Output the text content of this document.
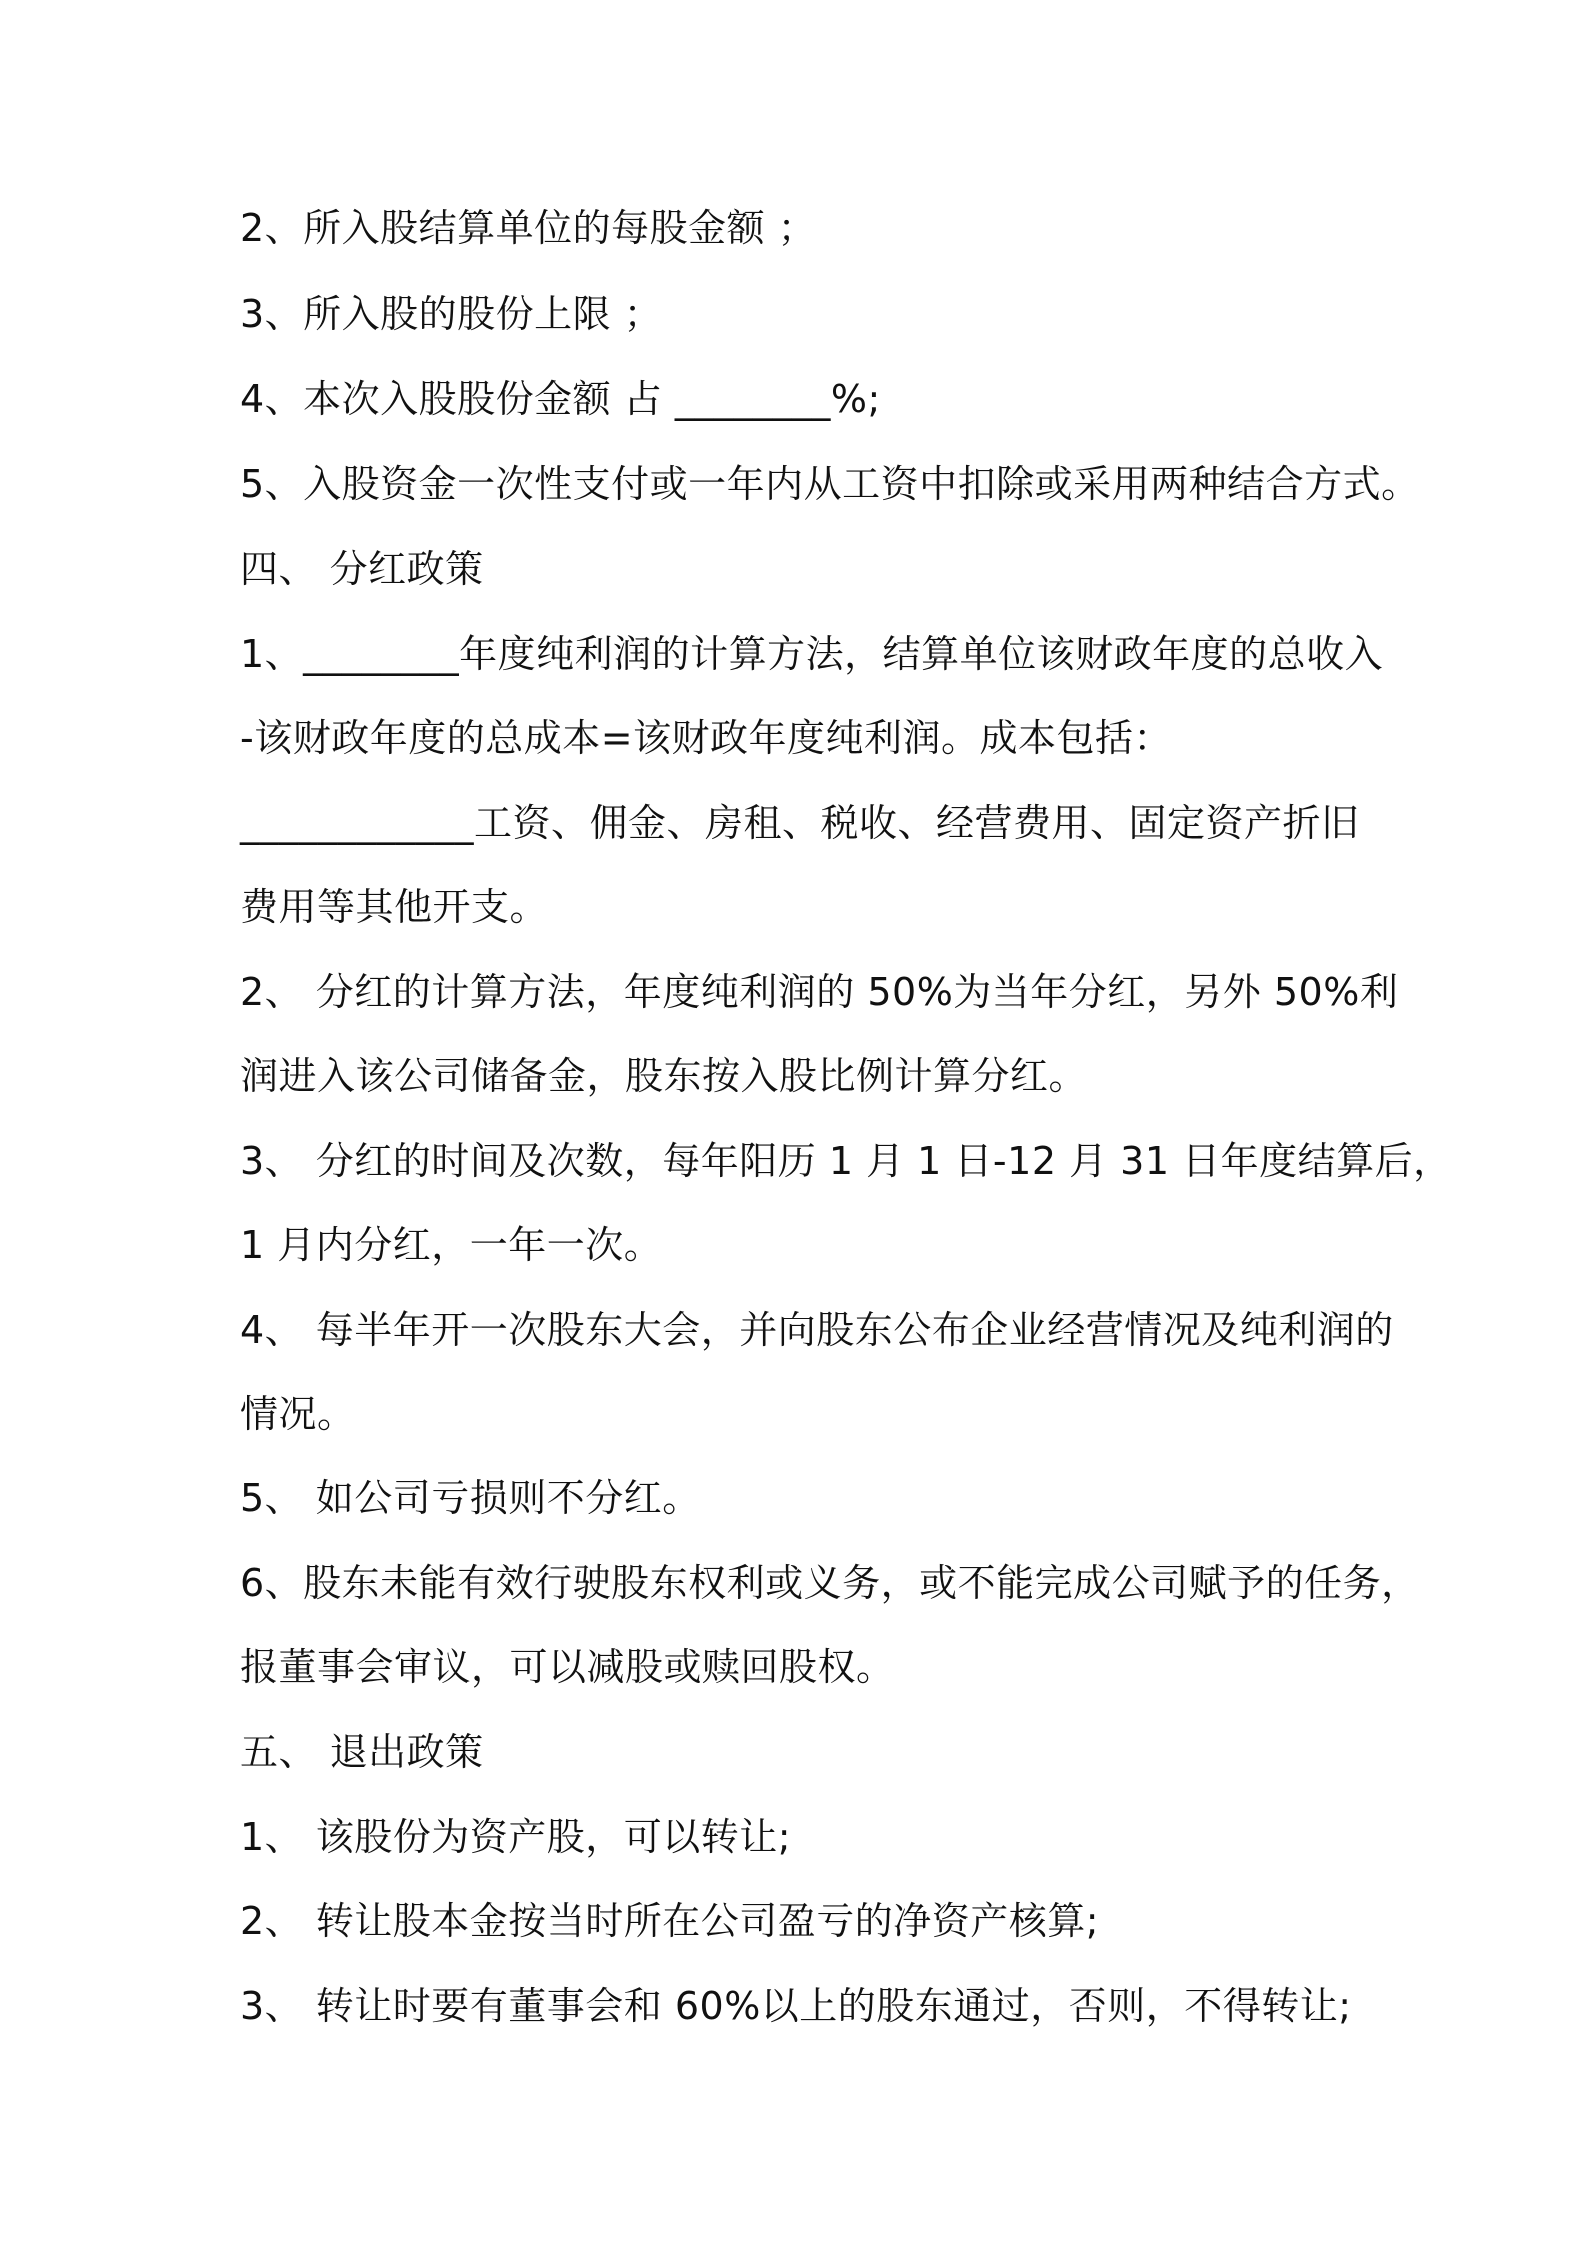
2、所入股结算单位的每股金额 ；
3、所入股的股份上限 ；
4、本次入股股份金额 占 ________%;
5、入股资金一次性支付或一年内从工资中扣除或采用两种结合方式。
四、 分红政策
1、________年度纯利润的计算方法，结算单位该财政年度的总收入
-该财政年度的总成本=该财政年度纯利润。成本包括：
____________工资、佣金、房租、税收、经营费用、固定资产折旧
费用等其他开支。
2、 分红的计算方法，年度纯利润的 50%为当年分红，另外 50%利
润进入该公司储备金，股东按入股比例计算分红。
3、 分红的时间及次数，每年阳历 1 月 1 日-12 月 31 日年度结算后，
1 月内分红，一年一次。
4、 每半年开一次股东大会，并向股东公布企业经营情况及纯利润的
情况。
5、 如公司亏损则不分红。
6、股东未能有效行驶股东权利或义务，或不能完成公司赋予的任务，
报董事会审议，可以减股或赎回股权。
五、 退出政策
1、 该股份为资产股，可以转让;
2、 转让股本金按当时所在公司盈亏的净资产核算;
3、 转让时要有董事会和 60%以上的股东通过，否则，不得转让;
